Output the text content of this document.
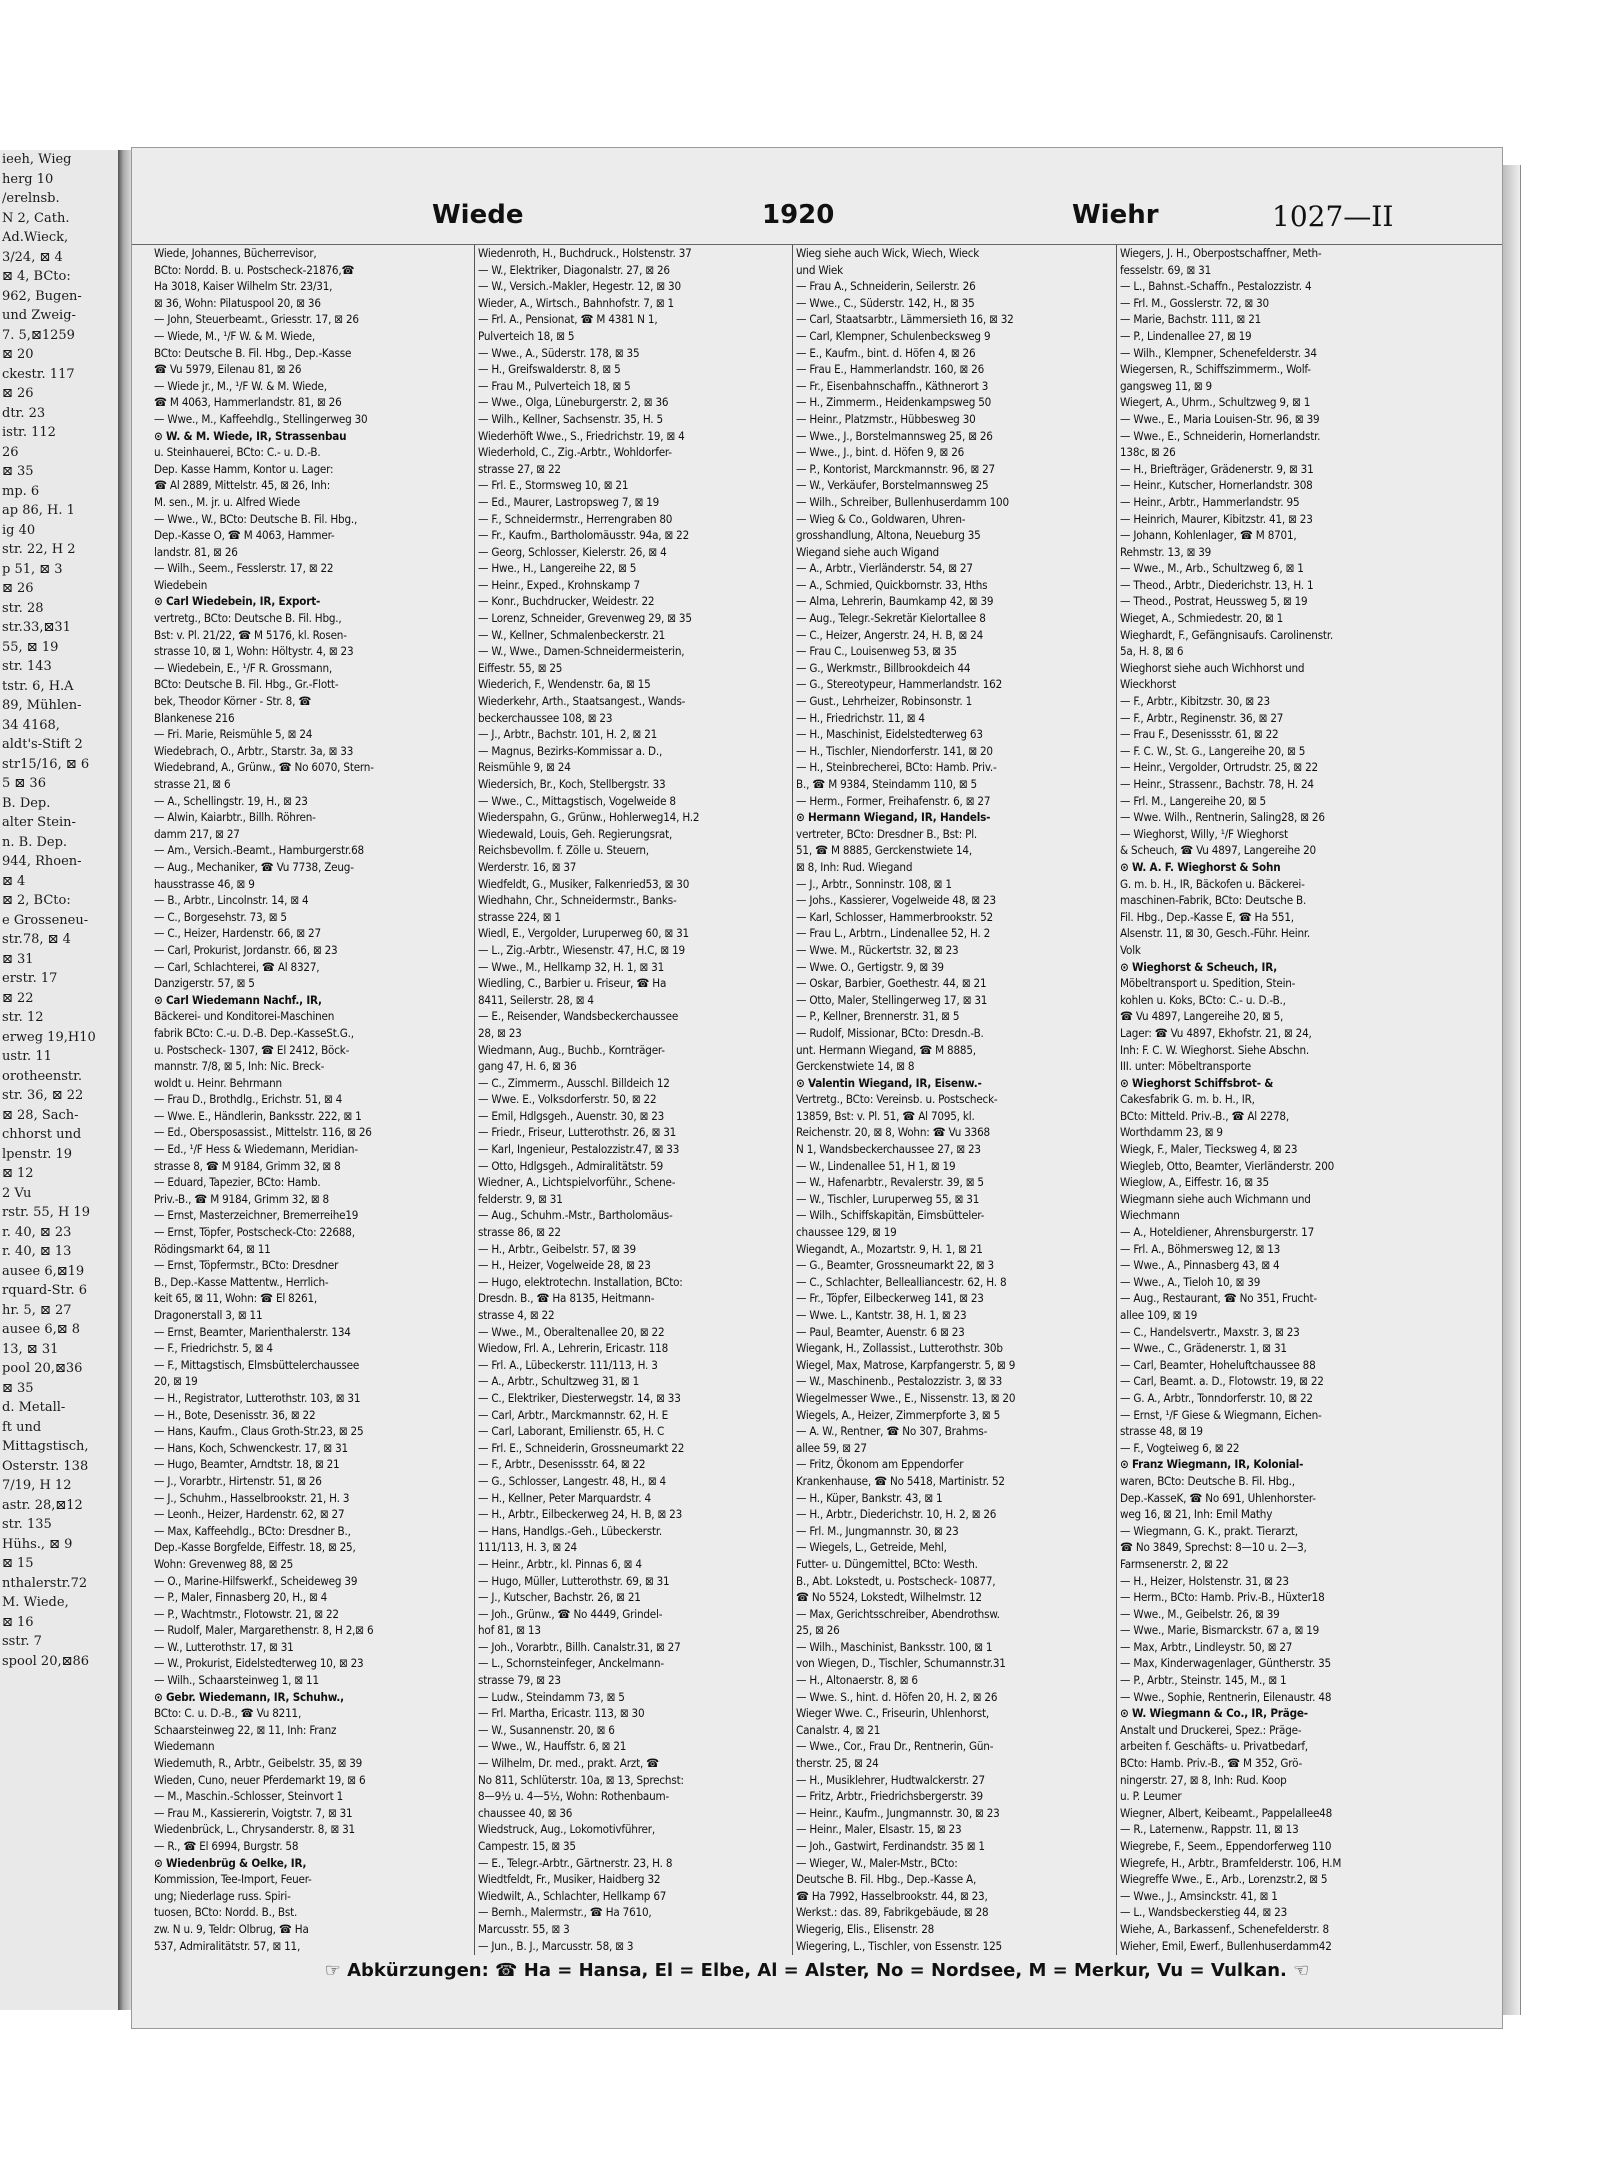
ieeh, Wieg
herg 10
/erelnsb.
N 2, Cath.
Ad.Wieck,
3/24, ⊠ 4
⊠ 4, BCto:
962, Bugen-
und Zweig-
7. 5,⊠1259
⊠ 20
ckestr. 117
⊠ 26
dtr. 23
istr. 112
26
⊠ 35
mp. 6
ap 86, H. 1
ig 40
str. 22, H 2
p 51, ⊠ 3
⊠ 26
str. 28
str.33,⊠31
55, ⊠ 19
str. 143
tstr. 6, H.A
89, Mühlen-
34 4168,
aldt's-Stift 2
str15/16, ⊠ 6
5 ⊠ 36
B. Dep.
alter Stein-
n. B. Dep.
944, Rhoen-
⊠ 4
⊠ 2, BCto:
e Grosseneu-
str.78, ⊠ 4
⊠ 31
erstr. 17
⊠ 22
str. 12
erweg 19,H10
ustr. 11
orotheenstr.
str. 36, ⊠ 22
⊠ 28, Sach-
chhorst und
lpenstr. 19
⊠ 12
2 Vu
rstr. 55, H 19
r. 40, ⊠ 23
r. 40, ⊠ 13
ausee 6,⊠19
rquard-Str. 6
hr. 5, ⊠ 27
ausee 6,⊠ 8
13, ⊠ 31
pool 20,⊠36
⊠ 35
d. Metall-
ft und
Mittagstisch,
Osterstr. 138
7/19, H 12
astr. 28,⊠12
str. 135
Hühs., ⊠ 9
⊠ 15
nthalerstr.72
M. Wiede,
⊠ 16
sstr. 7
spool 20,⊠86
Wiede	1920	Wiehr	1027—II
Wiede, Johannes, Bücherrevisor,
BCto: Nordd. B. u. Postscheck-21876,☎
Ha 3018, Kaiser Wilhelm Str. 23/31,
⊠ 36, Wohn: Pilatuspool 20, ⊠ 36
— John, Steuerbeamt., Griesstr. 17, ⊠ 26
— Wiede, M., ¹/F W. & M. Wiede,
BCto: Deutsche B. Fil. Hbg., Dep.-Kasse
☎ Vu 5979, Eilenau 81, ⊠ 26
— Wiede jr., M., ¹/F W. & M. Wiede,
☎ M 4063, Hammerlandstr. 81, ⊠ 26
— Wwe., M., Kaffeehdlg., Stellingerweg 30
⊙ W. & M. Wiede, IR, Strassenbau
u. Steinhauerei, BCto: C.- u. D.-B.
Dep. Kasse Hamm, Kontor u. Lager:
☎ Al 2889, Mittelstr. 45, ⊠ 26, Inh:
M. sen., M. jr. u. Alfred Wiede
— Wwe., W., BCto: Deutsche B. Fil. Hbg.,
Dep.-Kasse O, ☎ M 4063, Hammer-
landstr. 81, ⊠ 26
— Wilh., Seem., Fesslerstr. 17, ⊠ 22
Wiedebein
⊙ Carl Wiedebein, IR, Export-
vertretg., BCto: Deutsche B. Fil. Hbg.,
Bst: v. Pl. 21/22, ☎ M 5176, kl. Rosen-
strasse 10, ⊠ 1, Wohn: Höltystr. 4, ⊠ 23
— Wiedebein, E., ¹/F R. Grossmann,
BCto: Deutsche B. Fil. Hbg., Gr.-Flott-
bek, Theodor Körner - Str. 8, ☎
Blankenese 216
— Fri. Marie, Reismühle 5, ⊠ 24
Wiedebrach, O., Arbtr., Starstr. 3a, ⊠ 33
Wiedebrand, A., Grünw., ☎ No 6070, Stern-
strasse 21, ⊠ 6
— A., Schellingstr. 19, H., ⊠ 23
— Alwin, Kaiarbtr., Billh. Röhren-
damm 217, ⊠ 27
— Am., Versich.-Beamt., Hamburgerstr.68
— Aug., Mechaniker, ☎ Vu 7738, Zeug-
hausstrasse 46, ⊠ 9
— B., Arbtr., Lincolnstr. 14, ⊠ 4
— C., Borgesehstr. 73, ⊠ 5
— C., Heizer, Hardenstr. 66, ⊠ 27
— Carl, Prokurist, Jordanstr. 66, ⊠ 23
— Carl, Schlachterei, ☎ Al 8327,
Danzigerstr. 57, ⊠ 5
⊙ Carl Wiedemann Nachf., IR,
Bäckerei- und Konditorei-Maschinen
fabrik BCto: C.-u. D.-B. Dep.-KasseSt.G.,
u. Postscheck- 1307, ☎ El 2412, Böck-
mannstr. 7/8, ⊠ 5, Inh: Nic. Breck-
woldt u. Heinr. Behrmann
— Frau D., Brothdlg., Erichstr. 51, ⊠ 4
— Wwe. E., Händlerin, Banksstr. 222, ⊠ 1
— Ed., Obersposassist., Mittelstr. 116, ⊠ 26
— Ed., ¹/F Hess & Wiedemann, Meridian-
strasse 8, ☎ M 9184, Grimm 32, ⊠ 8
— Eduard, Tapezier, BCto: Hamb.
Priv.-B., ☎ M 9184, Grimm 32, ⊠ 8
— Ernst, Masterzeichner, Bremerreihe19
— Ernst, Töpfer, Postscheck-Cto: 22688,
Rödingsmarkt 64, ⊠ 11
— Ernst, Töpfermstr., BCto: Dresdner
B., Dep.-Kasse Mattentw., Herrlich-
keit 65, ⊠ 11, Wohn: ☎ El 8261,
Dragonerstall 3, ⊠ 11
— Ernst, Beamter, Marienthalerstr. 134
— F., Friedrichstr. 5, ⊠ 4
— F., Mittagstisch, Elmsbüttelerchaussee
20, ⊠ 19
— H., Registrator, Lutterothstr. 103, ⊠ 31
— H., Bote, Desenisstr. 36, ⊠ 22
— Hans, Kaufm., Claus Groth-Str.23, ⊠ 25
— Hans, Koch, Schwenckestr. 17, ⊠ 31
— Hugo, Beamter, Arndtstr. 18, ⊠ 21
— J., Vorarbtr., Hirtenstr. 51, ⊠ 26
— J., Schuhm., Hasselbrookstr. 21, H. 3
— Leonh., Heizer, Hardenstr. 62, ⊠ 27
— Max, Kaffeehdlg., BCto: Dresdner B.,
Dep.-Kasse Borgfelde, Eiffestr. 18, ⊠ 25,
Wohn: Grevenweg 88, ⊠ 25
— O., Marine-Hilfswerkf., Scheideweg 39
— P., Maler, Finnasberg 20, H., ⊠ 4
— P., Wachtmstr., Flotowstr. 21, ⊠ 22
— Rudolf, Maler, Margarethenstr. 8, H 2,⊠ 6
— W., Lutterothstr. 17, ⊠ 31
— W., Prokurist, Eidelstedterweg 10, ⊠ 23
— Wilh., Schaarsteinweg 1, ⊠ 11
⊙ Gebr. Wiedemann, IR, Schuhw.,
BCto: C. u. D.-B., ☎ Vu 8211,
Schaarsteinweg 22, ⊠ 11, Inh: Franz
Wiedemann
Wiedemuth, R., Arbtr., Geibelstr. 35, ⊠ 39
Wieden, Cuno, neuer Pferdemarkt 19, ⊠ 6
— M., Maschin.-Schlosser, Steinvort 1
— Frau M., Kassiererin, Voigtstr. 7, ⊠ 31
Wiedenbrück, L., Chrysanderstr. 8, ⊠ 31
— R., ☎ El 6994, Burgstr. 58
⊙ Wiedenbrüg & Oelke, IR,
Kommission, Tee-Import, Feuer-
ung; Niederlage russ. Spiri-
tuosen, BCto: Nordd. B., Bst.
zw. N u. 9, Teldr: Olbrug, ☎ Ha
537, Admiralitätstr. 57, ⊠ 11,
Wiedenroth, H., Buchdruck., Holstenstr. 37
— W., Elektriker, Diagonalstr. 27, ⊠ 26
— W., Versich.-Makler, Hegestr. 12, ⊠ 30
Wieder, A., Wirtsch., Bahnhofstr. 7, ⊠ 1
— Frl. A., Pensionat, ☎ M 4381 N 1,
Pulverteich 18, ⊠ 5
— Wwe., A., Süderstr. 178, ⊠ 35
— H., Greifswalderstr. 8, ⊠ 5
— Frau M., Pulverteich 18, ⊠ 5
— Wwe., Olga, Lüneburgerstr. 2, ⊠ 36
— Wilh., Kellner, Sachsenstr. 35, H. 5
Wiederhöft Wwe., S., Friedrichstr. 19, ⊠ 4
Wiederhold, C., Zig.-Arbtr., Wohldorfer-
strasse 27, ⊠ 22
— Frl. E., Stormsweg 10, ⊠ 21
— Ed., Maurer, Lastropsweg 7, ⊠ 19
— F., Schneidermstr., Herrengraben 80
— Fr., Kaufm., Bartholomäusstr. 94a, ⊠ 22
— Georg, Schlosser, Kielerstr. 26, ⊠ 4
— Hwe., H., Langereihe 22, ⊠ 5
— Heinr., Exped., Krohnskamp 7
— Konr., Buchdrucker, Weidestr. 22
— Lorenz, Schneider, Grevenweg 29, ⊠ 35
— W., Kellner, Schmalenbeckerstr. 21
— W., Wwe., Damen-Schneidermeisterin,
Eiffestr. 55, ⊠ 25
Wiederich, F., Wendenstr. 6a, ⊠ 15
Wiederkehr, Arth., Staatsangest., Wands-
beckerchaussee 108, ⊠ 23
— J., Arbtr., Bachstr. 101, H. 2, ⊠ 21
— Magnus, Bezirks-Kommissar a. D.,
Reismühle 9, ⊠ 24
Wiedersich, Br., Koch, Stellbergstr. 33
— Wwe., C., Mittagstisch, Vogelweide 8
Wiederspahn, G., Grünw., Hohlerweg14, H.2
Wiedewald, Louis, Geh. Regierungsrat,
Reichsbevollm. f. Zölle u. Steuern,
Werderstr. 16, ⊠ 37
Wiedfeldt, G., Musiker, Falkenried53, ⊠ 30
Wiedhahn, Chr., Schneidermstr., Banks-
strasse 224, ⊠ 1
Wiedl, E., Vergolder, Luruperweg 60, ⊠ 31
— L., Zig.-Arbtr., Wiesenstr. 47, H.C, ⊠ 19
— Wwe., M., Hellkamp 32, H. 1, ⊠ 31
Wiedling, C., Barbier u. Friseur, ☎ Ha
8411, Seilerstr. 28, ⊠ 4
— E., Reisender, Wandsbeckerchaussee
28, ⊠ 23
Wiedmann, Aug., Buchb., Kornträger-
gang 47, H. 6, ⊠ 36
— C., Zimmerm., Ausschl. Billdeich 12
— Wwe. E., Volksdorferstr. 50, ⊠ 22
— Emil, Hdlgsgeh., Auenstr. 30, ⊠ 23
— Friedr., Friseur, Lutterothstr. 26, ⊠ 31
— Karl, Ingenieur, Pestalozzistr.47, ⊠ 33
— Otto, Hdlgsgeh., Admiralitätstr. 59
Wiedner, A., Lichtspielvorführ., Schene-
felderstr. 9, ⊠ 31
— Aug., Schuhm.-Mstr., Bartholomäus-
strasse 86, ⊠ 22
— H., Arbtr., Geibelstr. 57, ⊠ 39
— H., Heizer, Vogelweide 28, ⊠ 23
— Hugo, elektrotechn. Installation, BCto:
Dresdn. B., ☎ Ha 8135, Heitmann-
strasse 4, ⊠ 22
— Wwe., M., Oberaltenallee 20, ⊠ 22
Wiedow, Frl. A., Lehrerin, Ericastr. 118
— Frl. A., Lübeckerstr. 111/113, H. 3
— A., Arbtr., Schultzweg 31, ⊠ 1
— C., Elektriker, Diesterwegstr. 14, ⊠ 33
— Carl, Arbtr., Marckmannstr. 62, H. E
— Carl, Laborant, Emilienstr. 65, H. C
— Frl. E., Schneiderin, Grossneumarkt 22
— F., Arbtr., Desenissstr. 64, ⊠ 22
— G., Schlosser, Langestr. 48, H., ⊠ 4
— H., Kellner, Peter Marquardstr. 4
— H., Arbtr., Eilbeckerweg 24, H. B, ⊠ 23
— Hans, Handlgs.-Geh., Lübeckerstr.
111/113, H. 3, ⊠ 24
— Heinr., Arbtr., kl. Pinnas 6, ⊠ 4
— Hugo, Müller, Lutterothstr. 69, ⊠ 31
— J., Kutscher, Bachstr. 26, ⊠ 21
— Joh., Grünw., ☎ No 4449, Grindel-
hof 81, ⊠ 13
— Joh., Vorarbtr., Billh. Canalstr.31, ⊠ 27
— L., Schornsteinfeger, Anckelmann-
strasse 79, ⊠ 23
— Ludw., Steindamm 73, ⊠ 5
— Frl. Martha, Ericastr. 113, ⊠ 30
— W., Susannenstr. 20, ⊠ 6
— Wwe., W., Hauffstr. 6, ⊠ 21
— Wilhelm, Dr. med., prakt. Arzt, ☎
No 811, Schlüterstr. 10a, ⊠ 13, Sprechst:
8—9½ u. 4—5½, Wohn: Rothenbaum-
chaussee 40, ⊠ 36
Wiedstruck, Aug., Lokomotivführer,
Campestr. 15, ⊠ 35
— E., Telegr.-Arbtr., Gärtnerstr. 23, H. 8
Wiedtfeldt, Fr., Musiker, Haidberg 32
Wiedwilt, A., Schlachter, Hellkamp 67
— Bernh., Malermstr., ☎ Ha 7610,
Marcusstr. 55, ⊠ 3
— Jun., B. J., Marcusstr. 58, ⊠ 3
Wieg siehe auch Wick, Wiech, Wieck
und Wiek
— Frau A., Schneiderin, Seilerstr. 26
— Wwe., C., Süderstr. 142, H., ⊠ 35
— Carl, Staatsarbtr., Lämmersieth 16, ⊠ 32
— Carl, Klempner, Schulenbecksweg 9
— E., Kaufm., bint. d. Höfen 4, ⊠ 26
— Frau E., Hammerlandstr. 160, ⊠ 26
— Fr., Eisenbahnschaffn., Käthnerort 3
— H., Zimmerm., Heidenkampsweg 50
— Heinr., Platzmstr., Hübbesweg 30
— Wwe., J., Borstelmannsweg 25, ⊠ 26
— Wwe., J., bint. d. Höfen 9, ⊠ 26
— P., Kontorist, Marckmannstr. 96, ⊠ 27
— W., Verkäufer, Borstelmannsweg 25
— Wilh., Schreiber, Bullenhuserdamm 100
— Wieg & Co., Goldwaren, Uhren-
grosshandlung, Altona, Neueburg 35
Wiegand siehe auch Wigand
— A., Arbtr., Vierländerstr. 54, ⊠ 27
— A., Schmied, Quickbornstr. 33, Hths
— Alma, Lehrerin, Baumkamp 42, ⊠ 39
— Aug., Telegr.-Sekretär Kielortallee 8
— C., Heizer, Angerstr. 24, H. B, ⊠ 24
— Frau C., Louisenweg 53, ⊠ 35
— G., Werkmstr., Billbrookdeich 44
— G., Stereotypeur, Hammerlandstr. 162
— Gust., Lehrheizer, Robinsonstr. 1
— H., Friedrichstr. 11, ⊠ 4
— H., Maschinist, Eidelstedterweg 63
— H., Tischler, Niendorferstr. 141, ⊠ 20
— H., Steinbrecherei, BCto: Hamb. Priv.-
B., ☎ M 9384, Steindamm 110, ⊠ 5
— Herm., Former, Freihafenstr. 6, ⊠ 27
⊙ Hermann Wiegand, IR, Handels-
vertreter, BCto: Dresdner B., Bst: Pl.
51, ☎ M 8885, Gerckenstwiete 14,
⊠ 8, Inh: Rud. Wiegand
— J., Arbtr., Sonninstr. 108, ⊠ 1
— Johs., Kassierer, Vogelweide 48, ⊠ 23
— Karl, Schlosser, Hammerbrookstr. 52
— Frau L., Arbtrn., Lindenallee 52, H. 2
— Wwe. M., Rückertstr. 32, ⊠ 23
— Wwe. O., Gertigstr. 9, ⊠ 39
— Oskar, Barbier, Goethestr. 44, ⊠ 21
— Otto, Maler, Stellingerweg 17, ⊠ 31
— P., Kellner, Brennerstr. 31, ⊠ 5
— Rudolf, Missionar, BCto: Dresdn.-B.
unt. Hermann Wiegand, ☎ M 8885,
Gerckenstwiete 14, ⊠ 8
⊙ Valentin Wiegand, IR, Eisenw.-
Vertretg., BCto: Vereinsb. u. Postscheck-
13859, Bst: v. Pl. 51, ☎ Al 7095, kl.
Reichenstr. 20, ⊠ 8, Wohn: ☎ Vu 3368
N 1, Wandsbeckerchaussee 27, ⊠ 23
— W., Lindenallee 51, H 1, ⊠ 19
— W., Hafenarbtr., Revalerstr. 39, ⊠ 5
— W., Tischler, Luruperweg 55, ⊠ 31
— Wilh., Schiffskapitän, Eimsbütteler-
chaussee 129, ⊠ 19
Wiegandt, A., Mozartstr. 9, H. 1, ⊠ 21
— G., Beamter, Grossneumarkt 22, ⊠ 3
— C., Schlachter, Bellealliancestr. 62, H. 8
— Fr., Töpfer, Eilbeckerweg 141, ⊠ 23
— Wwe. L., Kantstr. 38, H. 1, ⊠ 23
— Paul, Beamter, Auenstr. 6 ⊠ 23
Wiegank, H., Zollassist., Lutterothstr. 30b
Wiegel, Max, Matrose, Karpfangerstr. 5, ⊠ 9
— W., Maschinenb., Pestalozzistr. 3, ⊠ 33
Wiegelmesser Wwe., E., Nissenstr. 13, ⊠ 20
Wiegels, A., Heizer, Zimmerpforte 3, ⊠ 5
— A. W., Rentner, ☎ No 307, Brahms-
allee 59, ⊠ 27
— Fritz, Ökonom am Eppendorfer
Krankenhause, ☎ No 5418, Martinistr. 52
— H., Küper, Bankstr. 43, ⊠ 1
— H., Arbtr., Diederichstr. 10, H. 2, ⊠ 26
— Frl. M., Jungmannstr. 30, ⊠ 23
— Wiegels, L., Getreide, Mehl,
Futter- u. Düngemittel, BCto: Westh.
B., Abt. Lokstedt, u. Postscheck- 10877,
☎ No 5524, Lokstedt, Wilhelmstr. 12
— Max, Gerichtsschreiber, Abendrothsw.
25, ⊠ 26
— Wilh., Maschinist, Banksstr. 100, ⊠ 1
von Wiegen, D., Tischler, Schumannstr.31
— H., Altonaerstr. 8, ⊠ 6
— Wwe. S., hint. d. Höfen 20, H. 2, ⊠ 26
Wieger Wwe. C., Friseurin, Uhlenhorst,
Canalstr. 4, ⊠ 21
— Wwe., Cor., Frau Dr., Rentnerin, Gün-
therstr. 25, ⊠ 24
— H., Musiklehrer, Hudtwalckerstr. 27
— Fritz, Arbtr., Friedrichsbergerstr. 39
— Heinr., Kaufm., Jungmannstr. 30, ⊠ 23
— Heinr., Maler, Elsastr. 15, ⊠ 23
— Joh., Gastwirt, Ferdinandstr. 35 ⊠ 1
— Wieger, W., Maler-Mstr., BCto:
Deutsche B. Fil. Hbg., Dep.-Kasse A,
☎ Ha 7992, Hasselbrookstr. 44, ⊠ 23,
Werkst.: das. 89, Fabrikgebäude, ⊠ 28
Wiegerig, Elis., Elisenstr. 28
Wiegering, L., Tischler, von Essenstr. 125
Wiegers, J. H., Oberpostschaffner, Meth-
fesselstr. 69, ⊠ 31
— L., Bahnst.-Schaffn., Pestalozzistr. 4
— Frl. M., Gosslerstr. 72, ⊠ 30
— Marie, Bachstr. 111, ⊠ 21
— P., Lindenallee 27, ⊠ 19
— Wilh., Klempner, Schenefelderstr. 34
Wiegersen, R., Schiffszimmerm., Wolf-
gangsweg 11, ⊠ 9
Wiegert, A., Uhrm., Schultzweg 9, ⊠ 1
— Wwe., E., Maria Louisen-Str. 96, ⊠ 39
— Wwe., E., Schneiderin, Hornerlandstr.
138c, ⊠ 26
— H., Briefträger, Grädenerstr. 9, ⊠ 31
— Heinr., Kutscher, Hornerlandstr. 308
— Heinr., Arbtr., Hammerlandstr. 95
— Heinrich, Maurer, Kibitzstr. 41, ⊠ 23
— Johann, Kohlenlager, ☎ M 8701,
Rehmstr. 13, ⊠ 39
— Wwe., M., Arb., Schultzweg 6, ⊠ 1
— Theod., Arbtr., Diederichstr. 13, H. 1
— Theod., Postrat, Heussweg 5, ⊠ 19
Wieget, A., Schmiedestr. 20, ⊠ 1
Wieghardt, F., Gefängnisaufs. Carolinenstr.
5a, H. 8, ⊠ 6
Wieghorst siehe auch Wichhorst und
Wieckhorst
— F., Arbtr., Kibitzstr. 30, ⊠ 23
— F., Arbtr., Reginenstr. 36, ⊠ 27
— Frau F., Desenissstr. 61, ⊠ 22
— F. C. W., St. G., Langereihe 20, ⊠ 5
— Heinr., Vergolder, Ortrudstr. 25, ⊠ 22
— Heinr., Strassenr., Bachstr. 78, H. 24
— Frl. M., Langereihe 20, ⊠ 5
— Wwe. Wilh., Rentnerin, Saling28, ⊠ 26
— Wieghorst, Willy, ¹/F Wieghorst
& Scheuch, ☎ Vu 4897, Langereihe 20
⊙ W. A. F. Wieghorst & Sohn
G. m. b. H., IR, Bäckofen u. Bäckerei-
maschinen-Fabrik, BCto: Deutsche B.
Fil. Hbg., Dep.-Kasse E, ☎ Ha 551,
Alsenstr. 11, ⊠ 30, Gesch.-Führ. Heinr.
Volk
⊙ Wieghorst & Scheuch, IR,
Möbeltransport u. Spedition, Stein-
kohlen u. Koks, BCto: C.- u. D.-B.,
☎ Vu 4897, Langereihe 20, ⊠ 5,
Lager: ☎ Vu 4897, Ekhofstr. 21, ⊠ 24,
Inh: F. C. W. Wieghorst. Siehe Abschn.
III. unter: Möbeltransporte
⊙ Wieghorst Schiffsbrot- &
Cakesfabrik G. m. b. H., IR,
BCto: Mitteld. Priv.-B., ☎ Al 2278,
Worthdamm 23, ⊠ 9
Wiegk, F., Maler, Tiecksweg 4, ⊠ 23
Wiegleb, Otto, Beamter, Vierländerstr. 200
Wieglow, A., Eiffestr. 16, ⊠ 35
Wiegmann siehe auch Wichmann und
Wiechmann
— A., Hoteldiener, Ahrensburgerstr. 17
— Frl. A., Böhmersweg 12, ⊠ 13
— Wwe., A., Pinnasberg 43, ⊠ 4
— Wwe., A., Tieloh 10, ⊠ 39
— Aug., Restaurant, ☎ No 351, Frucht-
allee 109, ⊠ 19
— C., Handelsvertr., Maxstr. 3, ⊠ 23
— Wwe., C., Grädenerstr. 1, ⊠ 31
— Carl, Beamter, Hoheluftchaussee 88
— Carl, Beamt. a. D., Flotowstr. 19, ⊠ 22
— G. A., Arbtr., Tonndorferstr. 10, ⊠ 22
— Ernst, ¹/F Giese & Wiegmann, Eichen-
strasse 48, ⊠ 19
— F., Vogteiweg 6, ⊠ 22
⊙ Franz Wiegmann, IR, Kolonial-
waren, BCto: Deutsche B. Fil. Hbg.,
Dep.-KasseK, ☎ No 691, Uhlenhorster-
weg 16, ⊠ 21, Inh: Emil Mathy
— Wiegmann, G. K., prakt. Tierarzt,
☎ No 3849, Sprechst: 8—10 u. 2—3,
Farmsenerstr. 2, ⊠ 22
— H., Heizer, Holstenstr. 31, ⊠ 23
— Herm., BCto: Hamb. Priv.-B., Hüxter18
— Wwe., M., Geibelstr. 26, ⊠ 39
— Wwe., Marie, Bismarckstr. 67 a, ⊠ 19
— Max, Arbtr., Lindleystr. 50, ⊠ 27
— Max, Kinderwagenlager, Güntherstr. 35
— P., Arbtr., Steinstr. 145, M., ⊠ 1
— Wwe., Sophie, Rentnerin, Eilenaustr. 48
⊙ W. Wiegmann & Co., IR, Präge-
Anstalt und Druckerei, Spez.: Präge-
arbeiten f. Geschäfts- u. Privatbedarf,
BCto: Hamb. Priv.-B., ☎ M 352, Grö-
ningerstr. 27, ⊠ 8, Inh: Rud. Koop
u. P. Leumer
Wiegner, Albert, Keibeamt., Pappelallee48
— R., Laternenw., Rappstr. 11, ⊠ 13
Wiegrebe, F., Seem., Eppendorferweg 110
Wiegrefe, H., Arbtr., Bramfelderstr. 106, H.M
Wiegreffe Wwe., E., Arb., Lorenzstr.2, ⊠ 5
— Wwe., J., Amsinckstr. 41, ⊠ 1
— L., Wandsbeckerstieg 44, ⊠ 23
Wiehe, A., Barkassenf., Schenefelderstr. 8
Wieher, Emil, Ewerf., Bullenhuserdamm42
☞ Abkürzungen: ☎ Ha = Hansa, El = Elbe, Al = Alster, No = Nordsee, M = Merkur, Vu = Vulkan. ☜
